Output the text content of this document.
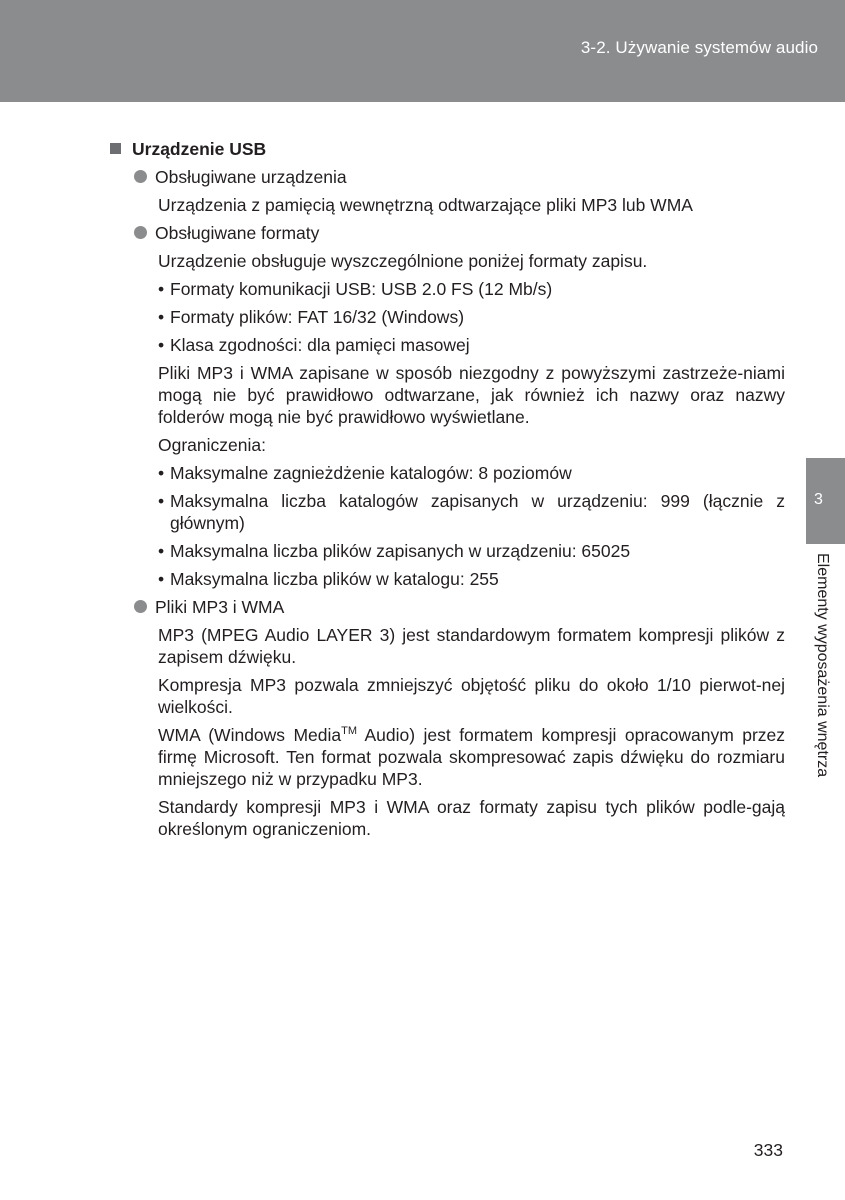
3-2. Używanie systemów audio
3
Elementy wyposażenia wnętrza
Urządzenie USB
Obsługiwane urządzenia
Urządzenia z pamięcią wewnętrzną odtwarzające pliki MP3 lub WMA
Obsługiwane formaty
Urządzenie obsługuje wyszczególnione poniżej formaty zapisu.
• Formaty komunikacji USB: USB 2.0 FS (12 Mb/s)
• Formaty plików: FAT 16/32 (Windows)
• Klasa zgodności: dla pamięci masowej
Pliki MP3 i WMA zapisane w sposób niezgodny z powyższymi zastrzeże-niami mogą nie być prawidłowo odtwarzane, jak również ich nazwy oraz nazwy folderów mogą nie być prawidłowo wyświetlane.
Ograniczenia:
• Maksymalne zagnieżdżenie katalogów: 8 poziomów
• Maksymalna liczba katalogów zapisanych w urządzeniu: 999 (łącznie z głównym)
• Maksymalna liczba plików zapisanych w urządzeniu: 65025
• Maksymalna liczba plików w katalogu: 255
Pliki MP3 i WMA
MP3 (MPEG Audio LAYER 3) jest standardowym formatem kompresji plików z zapisem dźwięku.
Kompresja MP3 pozwala zmniejszyć objętość pliku do około 1/10 pierwot-nej wielkości.
WMA (Windows Media™ Audio) jest formatem kompresji opracowanym przez firmę Microsoft. Ten format pozwala skompresować zapis dźwięku do rozmiaru mniejszego niż w przypadku MP3.
Standardy kompresji MP3 i WMA oraz formaty zapisu tych plików podle-gają określonym ograniczeniom.
333
